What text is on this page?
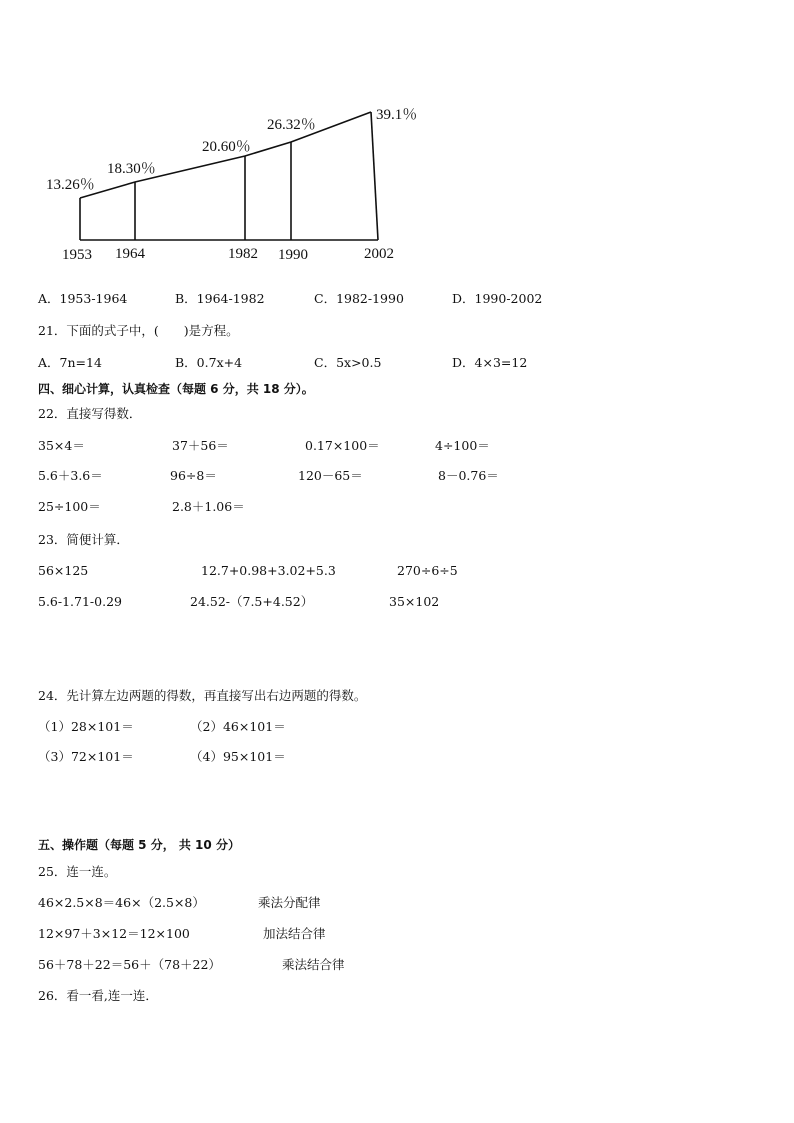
13.26％
18.30％
20.60％
26.32％
39.1％
1953 1964	1982 1990	2002
A．1953-1964	B．1964-1982	C．1982-1990	D．1990-2002
21．下面的式子中，(　　)是方程。
A．7n=14	B．0.7x+4	C．5x>0.5	D．4×3=12
四、细心计算，认真检查（每题 6 分，共 18 分）。
22．直接写得数．
35×4＝	37＋56＝	0.17×100＝	4÷100＝
5.6＋3.6＝	96÷8＝	120－65＝	8－0.76＝
25÷100＝	2.8＋1.06＝
23．简便计算．
56×125	12.7+0.98+3.02+5.3	270÷6÷5
5.6-1.71-0.29	24.52-（7.5+4.52）	35×102
24．先计算左边两题的得数，再直接写出右边两题的得数。
（1）28×101＝	（2）46×101＝
（3）72×101＝	（4）95×101＝
五、操作题（每题 5 分， 共 10 分）
25．连一连。
46×2.5×8＝46×（2.5×8）	乘法分配律
12×97＋3×12＝12×100	加法结合律
56＋78＋22＝56＋（78＋22）	乘法结合律
26．看一看,连一连．
